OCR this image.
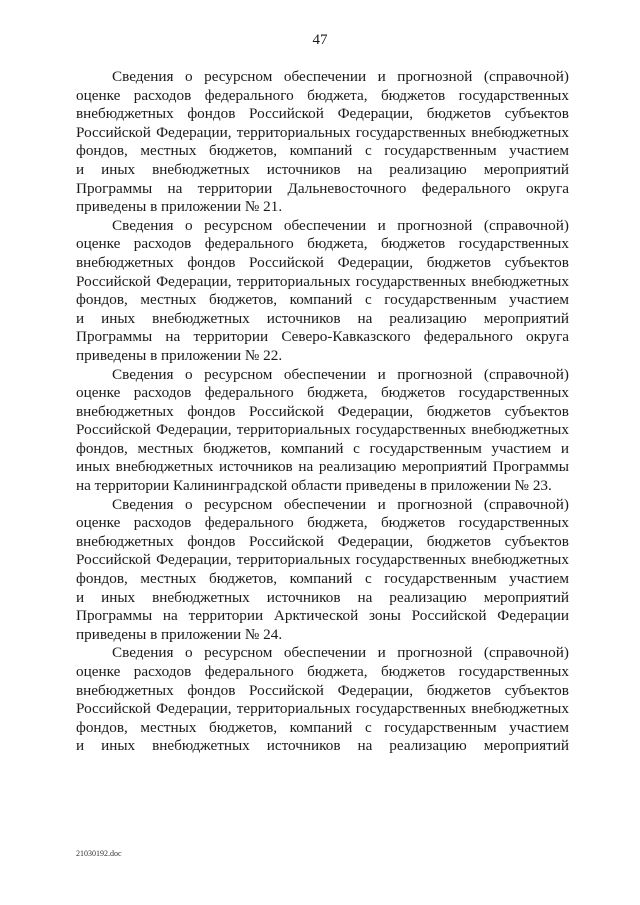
47
Сведения о ресурсном обеспечении и прогнозной (справочной)
оценке расходов федерального бюджета, бюджетов государственных
внебюджетных фондов Российской Федерации, бюджетов субъектов
Российской Федерации, территориальных государственных внебюджетных
фондов, местных бюджетов, компаний с государственным участием
и иных внебюджетных источников на реализацию мероприятий
Программы на территории Дальневосточного федерального округа
приведены в приложении № 21.
Сведения о ресурсном обеспечении и прогнозной (справочной)
оценке расходов федерального бюджета, бюджетов государственных
внебюджетных фондов Российской Федерации, бюджетов субъектов
Российской Федерации, территориальных государственных внебюджетных
фондов, местных бюджетов, компаний с государственным участием
и иных внебюджетных источников на реализацию мероприятий
Программы на территории Северо-Кавказского федерального округа
приведены в приложении № 22.
Сведения о ресурсном обеспечении и прогнозной (справочной)
оценке расходов федерального бюджета, бюджетов государственных
внебюджетных фондов Российской Федерации, бюджетов субъектов
Российской Федерации, территориальных государственных внебюджетных
фондов, местных бюджетов, компаний с государственным участием и
иных внебюджетных источников на реализацию мероприятий Программы
на территории Калининградской области приведены в приложении № 23.
Сведения о ресурсном обеспечении и прогнозной (справочной)
оценке расходов федерального бюджета, бюджетов государственных
внебюджетных фондов Российской Федерации, бюджетов субъектов
Российской Федерации, территориальных государственных внебюджетных
фондов, местных бюджетов, компаний с государственным участием
и иных внебюджетных источников на реализацию мероприятий
Программы на территории Арктической зоны Российской Федерации
приведены в приложении № 24.
Сведения о ресурсном обеспечении и прогнозной (справочной)
оценке расходов федерального бюджета, бюджетов государственных
внебюджетных фондов Российской Федерации, бюджетов субъектов
Российской Федерации, территориальных государственных внебюджетных
фондов, местных бюджетов, компаний с государственным участием
и иных внебюджетных источников на реализацию мероприятий
21030192.doc
